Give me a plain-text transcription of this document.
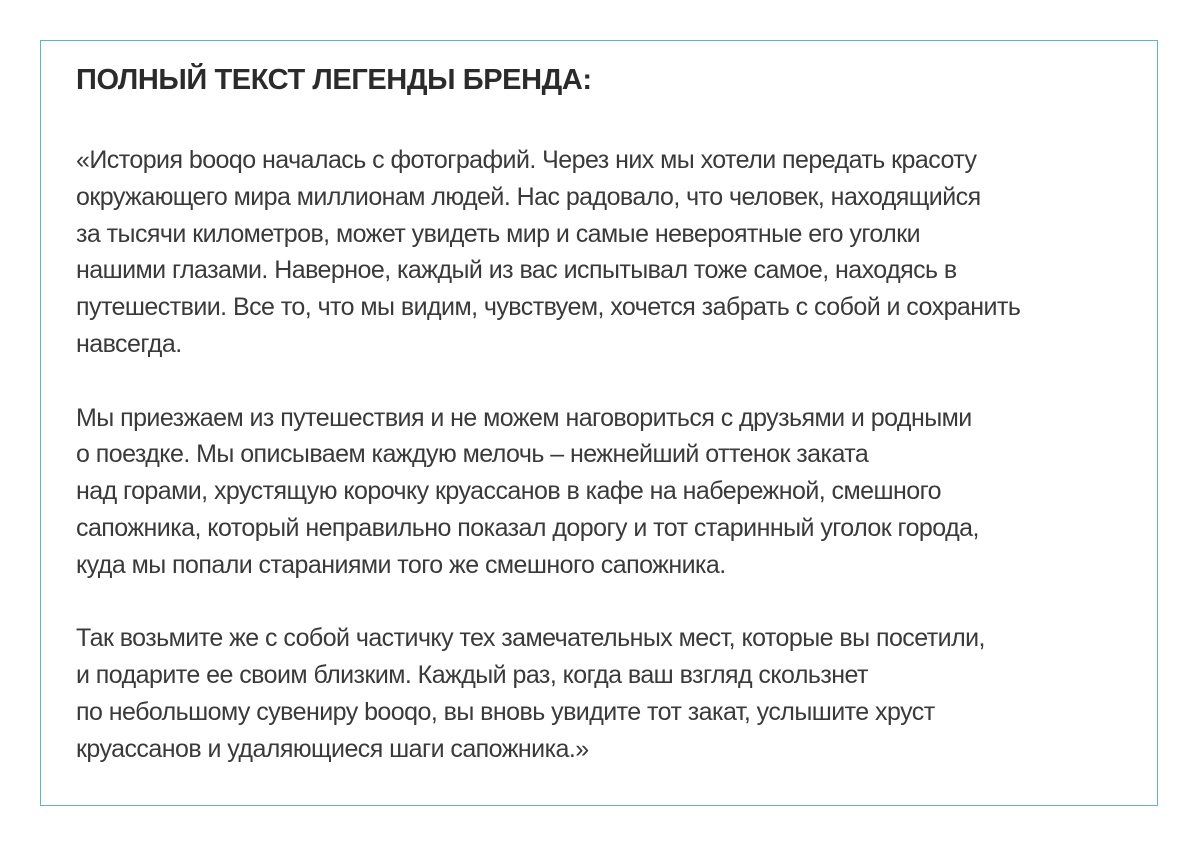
ПОЛНЫЙ ТЕКСТ ЛЕГЕНДЫ БРЕНДА:

«История booqo началась с фотографий. Через них мы хотели передать красоту
окружающего мира миллионам людей. Нас радовало, что человек, находящийся
за тысячи километров, может увидеть мир и самые невероятные его уголки
нашими глазами. Наверное, каждый из вас испытывал тоже самое, находясь в
путешествии. Все то, что мы видим, чувствуем, хочется забрать с собой и сохранить
навсегда.

Мы приезжаем из путешествия и не можем наговориться с друзьями и родными
о поездке. Мы описываем каждую мелочь – нежнейший оттенок заката
над горами, хрустящую корочку круассанов в кафе на набережной, смешного
сапожника, который неправильно показал дорогу и тот старинный уголок города,
куда мы попали стараниями того же смешного сапожника.

Так возьмите же с собой частичку тех замечательных мест, которые вы посетили,
и подарите ее своим близким. Каждый раз, когда ваш взгляд скользнет
по небольшому сувениру booqo, вы вновь увидите тот закат, услышите хруст
круассанов и удаляющиеся шаги сапожника.»
